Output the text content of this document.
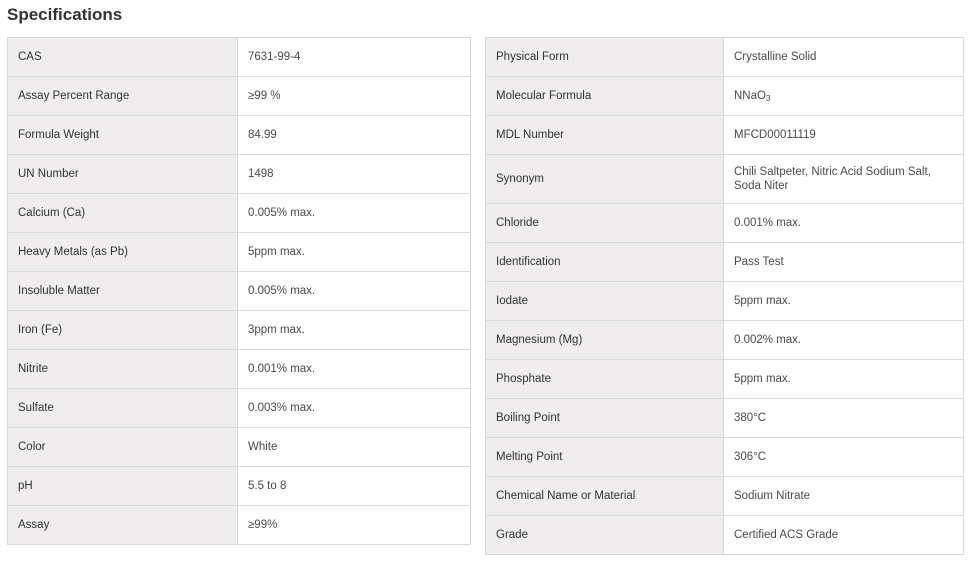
Specifications
CAS	7631-99-4
Assay Percent Range	≥99 %
Formula Weight	84.99
UN Number	1498
Calcium (Ca)	0.005% max.
Heavy Metals (as Pb)	5ppm max.
Insoluble Matter	0.005% max.
Iron (Fe)	3ppm max.
Nitrite	0.001% max.
Sulfate	0.003% max.
Color	White
pH	5.5 to 8
Assay	≥99%
Physical Form	Crystalline Solid
Molecular Formula	NNaO$_3$
MDL Number	MFCD00011119
Synonym	Chili Saltpeter, Nitric Acid Sodium Salt, Soda Niter
Chloride	0.001% max.
Identification	Pass Test
Iodate	5ppm max.
Magnesium (Mg)	0.002% max.
Phosphate	5ppm max.
Boiling Point	380°C
Melting Point	306°C
Chemical Name or Material	Sodium Nitrate
Grade	Certified ACS Grade
